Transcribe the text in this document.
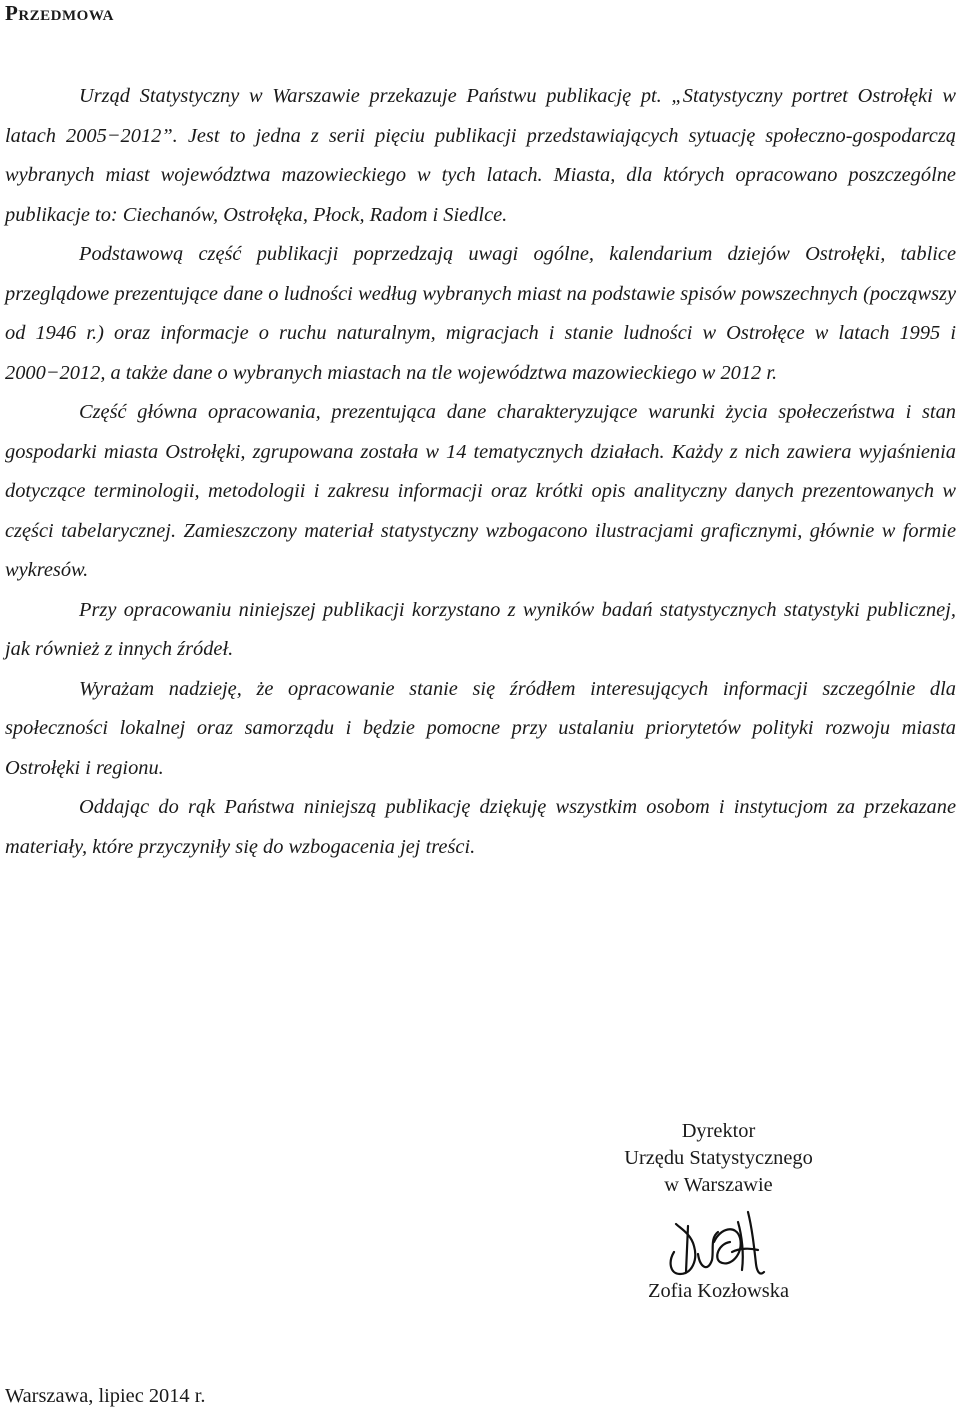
Przedmowa

Urząd Statystyczny w Warszawie przekazuje Państwu publikację pt. „Statystyczny portret Ostrołęki w latach 2005−2012”. Jest to jedna z serii pięciu publikacji przedstawiających sytuację społeczno-gospodarczą wybranych miast województwa mazowieckiego w tych latach. Miasta, dla których opracowano poszczególne publikacje to: Ciechanów, Ostrołęka, Płock, Radom i Siedlce.

Podstawową część publikacji poprzedzają uwagi ogólne, kalendarium dziejów Ostrołęki, tablice przeglądowe prezentujące dane o ludności według wybranych miast na podstawie spisów powszechnych (począwszy od 1946 r.) oraz informacje o ruchu naturalnym, migracjach i stanie ludności w Ostrołęce w latach 1995 i 2000−2012, a także dane o wybranych miastach na tle województwa mazowieckiego w 2012 r.

Część główna opracowania, prezentująca dane charakteryzujące warunki życia społeczeństwa i stan gospodarki miasta Ostrołęki, zgrupowana została w 14 tematycznych działach. Każdy z nich zawiera wyjaśnienia dotyczące terminologii, metodologii i zakresu informacji oraz krótki opis analityczny danych prezentowanych w części tabelarycznej. Zamieszczony materiał statystyczny wzbogacono ilustracjami graficznymi, głównie w formie wykresów.

Przy opracowaniu niniejszej publikacji korzystano z wyników badań statystycznych statystyki publicznej, jak również z innych źródeł.

Wyrażam nadzieję, że opracowanie stanie się źródłem interesujących informacji szczególnie dla społeczności lokalnej oraz samorządu i będzie pomocne przy ustalaniu priorytetów polityki rozwoju miasta Ostrołęki i regionu.

Oddając do rąk Państwa niniejszą publikację dziękuję wszystkim osobom i instytucjom za przekazane materiały, które przyczyniły się do wzbogacenia jej treści.

Dyrektor
Urzędu Statystycznego
w Warszawie
Zofia Kozłowska
Warszawa, lipiec 2014 r.
